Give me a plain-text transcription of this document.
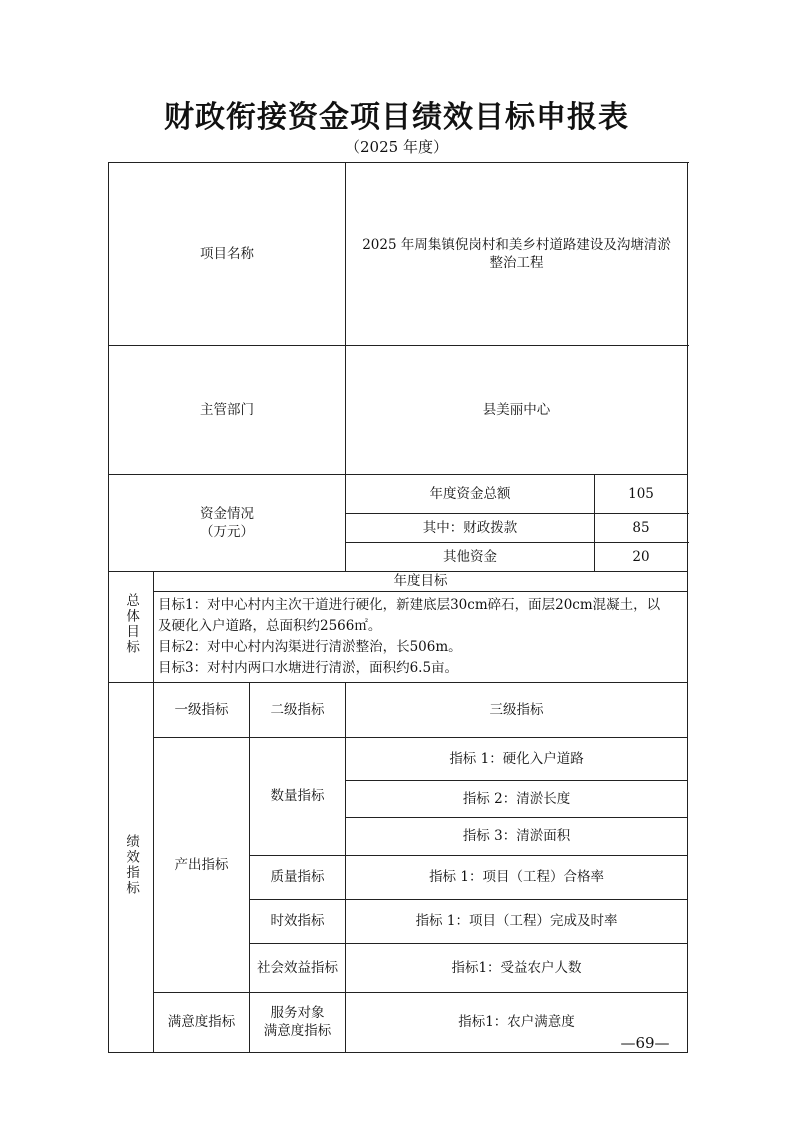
财政衔接资金项目绩效目标申报表
（2025 年度）
项目名称			2025 年周集镇倪岗村和美乡村道路建设及沟塘清淤整治工程		

主管部门			县美丽中心		

资金情况
（万元）			年度资金总额	105	
			其中：财政拨款	85	
			其他资金	20	
总体目标	年度目标				

	目标1：对中心村内主次干道进行硬化，新建底层30cm碎石，面层20cm混凝土，以
及硬化入户道路，总面积约2566㎡。
目标2：对中心村内沟渠进行清淤整治，长506m。
目标3：对村内两口水塘进行清淤，面积约6.5亩。				

绩效指标	一级指标	二级指标	三级指标	
	产出指标	数量指标	指标 1：硬化入户道路	
			指标 2：清淤长度	
			指标 3：清淤面积	
		质量指标	指标 1：项目（工程）合格率	
		时效指标	指标 1：项目（工程）完成及时率	
		社会效益指标	指标1：受益农户人数	
	满意度指标	服务对象
满意度指标	指标1：农户满意度	
—69—
